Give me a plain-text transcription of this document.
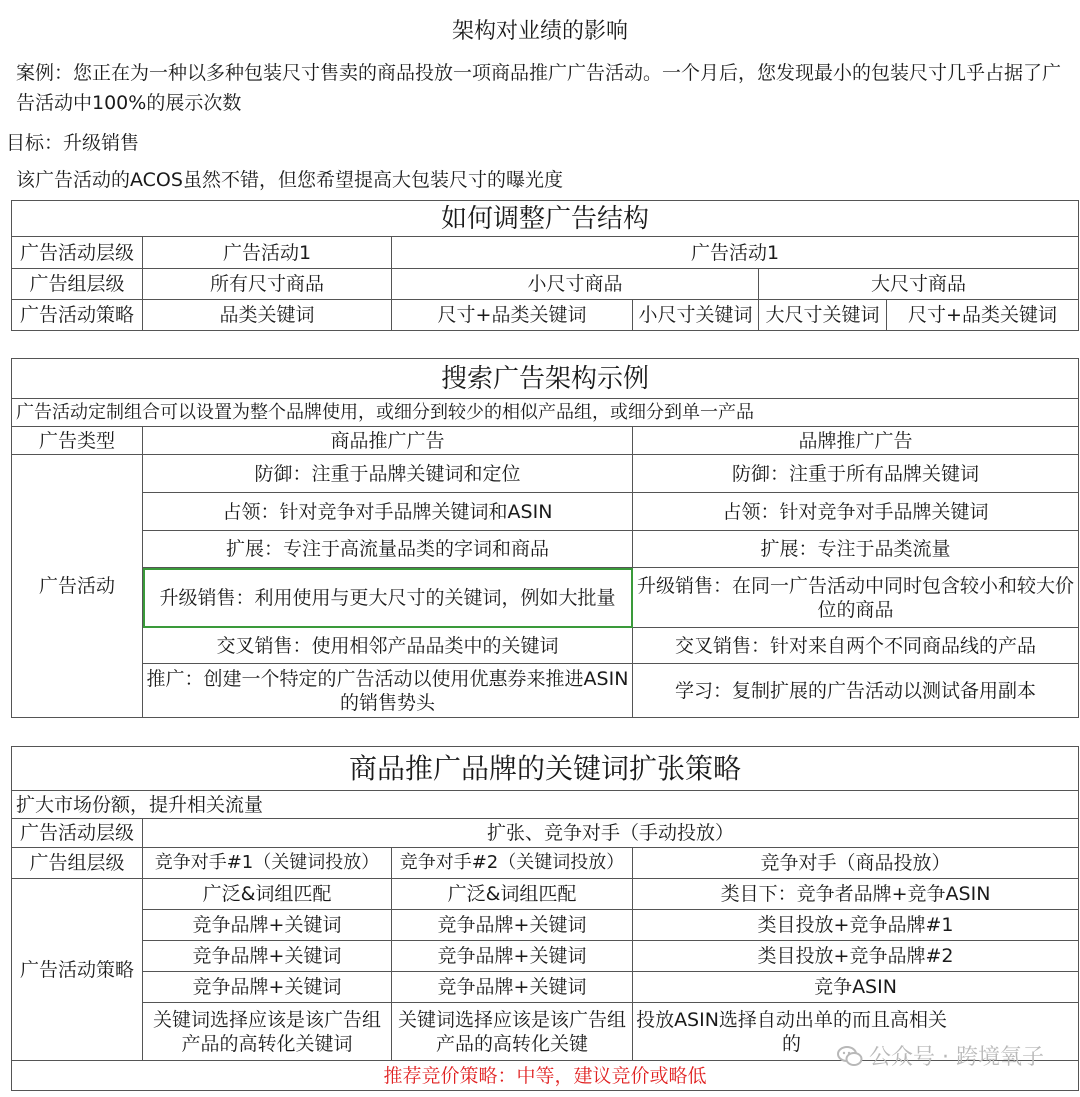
架构对业绩的影响
案例：您正在为一种以多种包装尺寸售卖的商品投放一项商品推广广告活动。一个月后，您发现最小的包装尺寸几乎占据了广告活动中100%的展示次数
目标：升级销售
该广告活动的ACOS虽然不错，但您希望提高大包装尺寸的曝光度
如何调整广告结构					
广告活动层级	广告活动1	广告活动1			
广告组层级	所有尺寸商品	小尺寸商品		大尺寸商品	
广告活动策略	品类关键词	尺寸+品类关键词	小尺寸关键词	大尺寸关键词	尺寸+品类关键词
搜索广告架构示例		
广告活动定制组合可以设置为整个品牌使用，或细分到较少的相似产品组，或细分到单一产品		
广告类型	商品推广广告	品牌推广广告
广告活动	防御：注重于品牌关键词和定位	防御：注重于所有品牌关键词
	占领：针对竞争对手品牌关键词和ASIN	占领：针对竞争对手品牌关键词
	扩展：专注于高流量品类的字词和商品	扩展：专注于品类流量
	升级销售：利用使用与更大尺寸的关键词，例如大批量	升级销售：在同一广告活动中同时包含较小和较大价位的商品
	交叉销售：使用相邻产品品类中的关键词	交叉销售：针对来自两个不同商品线的产品
	推广：创建一个特定的广告活动以使用优惠券来推进ASIN的销售势头	学习：复制扩展的广告活动以测试备用副本
商品推广品牌的关键词扩张策略			
扩大市场份额，提升相关流量			
广告活动层级	扩张、竞争对手（手动投放）		
广告组层级	竞争对手#1（关键词投放）	竞争对手#2（关键词投放）	竞争对手（商品投放）
广告活动策略	广泛&词组匹配	广泛&词组匹配	类目下：竞争者品牌+竞争ASIN
	竞争品牌+关键词	竞争品牌+关键词	类目投放+竞争品牌#1
	竞争品牌+关键词	竞争品牌+关键词	类目投放+竞争品牌#2
	竞争品牌+关键词	竞争品牌+关键词	竞争ASIN
	关键词选择应该是该广告组产品的高转化关键词	关键词选择应该是该广告组产品的高转化关键	投放ASIN选择自动出单的而且高相关的
推荐竞价策略：中等，建议竞价或略低			
公众号 · 跨境氧子
